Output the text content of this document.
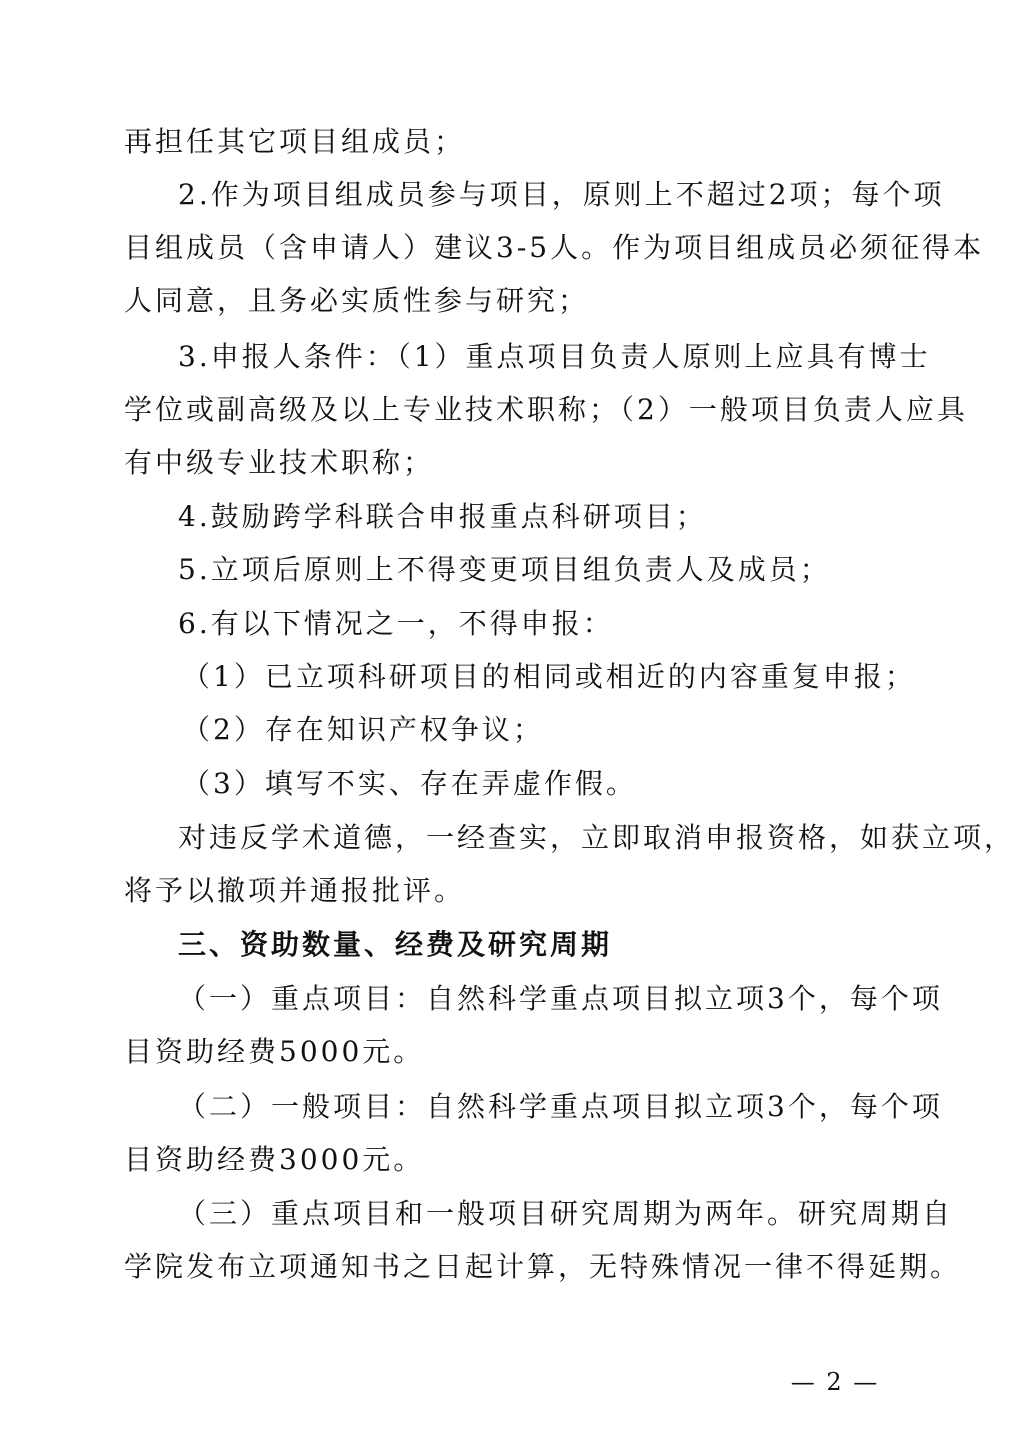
再担任其它项目组成员；
2.作为项目组成员参与项目，原则上不超过2项；每个项
目组成员（含申请人）建议3-5人。作为项目组成员必须征得本
人同意，且务必实质性参与研究；
3.申报人条件：（1）重点项目负责人原则上应具有博士
学位或副高级及以上专业技术职称；（2）一般项目负责人应具
有中级专业技术职称；
4.鼓励跨学科联合申报重点科研项目；
5.立项后原则上不得变更项目组负责人及成员；
6.有以下情况之一，不得申报：
（1）已立项科研项目的相同或相近的内容重复申报；
（2）存在知识产权争议；
（3）填写不实、存在弄虚作假。
对违反学术道德，一经查实，立即取消申报资格，如获立项，
将予以撤项并通报批评。
三、资助数量、经费及研究周期
（一）重点项目：自然科学重点项目拟立项3个，每个项
目资助经费5000元。
（二）一般项目：自然科学重点项目拟立项3个，每个项
目资助经费3000元。
（三）重点项目和一般项目研究周期为两年。研究周期自
学院发布立项通知书之日起计算，无特殊情况一律不得延期。
— 2 —
